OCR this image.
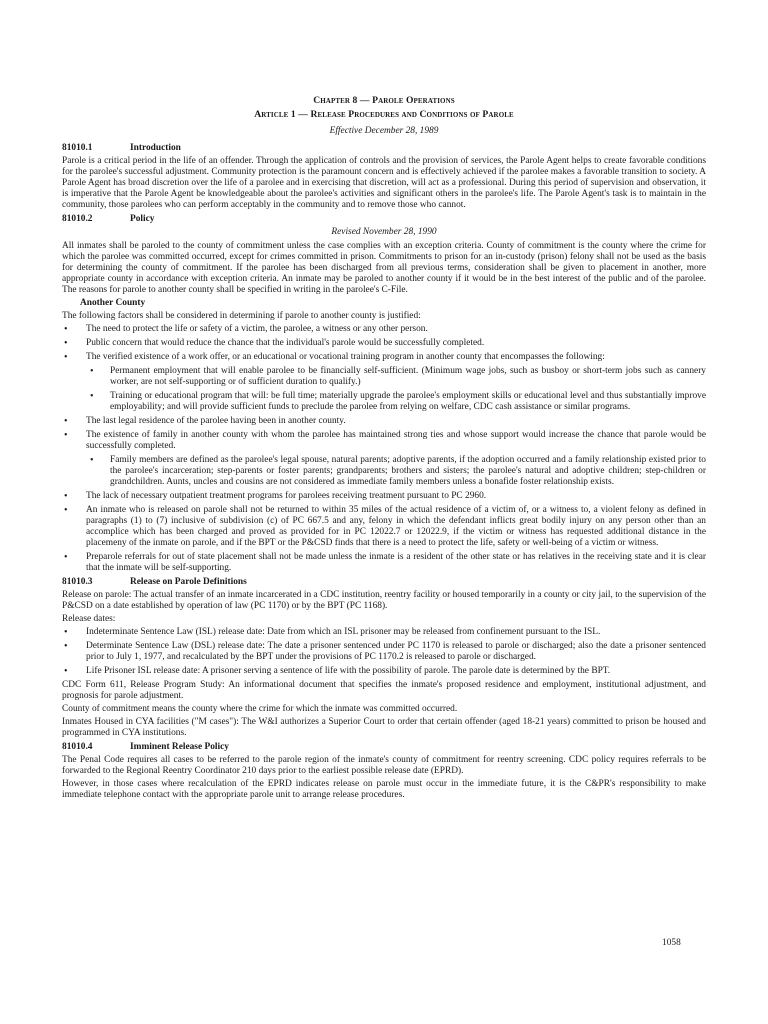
Chapter 8 — Parole Operations
Article 1 — Release Procedures and Conditions of Parole
Effective December 28, 1989
81010.1	Introduction

Parole is a critical period in the life of an offender. Through the application of controls and the provision of services, the Parole Agent helps to create favorable conditions for the parolee's successful adjustment. Community protection is the paramount concern and is effectively achieved if the parolee makes a favorable transition to society. A Parole Agent has broad discretion over the life of a parolee and in exercising that discretion, will act as a professional. During this period of supervision and observation, it is imperative that the Parole Agent be knowledgeable about the parolee's activities and significant others in the parolee's life. The Parole Agent's task is to maintain in the community, those parolees who can perform acceptably in the community and to remove those who cannot.

81010.2	Policy
Revised November 28, 1990

All inmates shall be paroled to the county of commitment unless the case complies with an exception criteria. County of commitment is the county where the crime for which the parolee was committed occurred, except for crimes committed in prison. Commitments to prison for an in-custody (prison) felony shall not be used as the basis for determining the county of commitment. If the parolee has been discharged from all previous terms, consideration shall be given to placement in another, more appropriate county in accordance with exception criteria. An inmate may be paroled to another county if it would be in the best interest of the public and of the parolee. The reasons for parole to another county shall be specified in writing in the parolee's C-File.

Another County

The following factors shall be considered in determining if parole to another county is justified:

• The need to protect the life or safety of a victim, the parolee, a witness or any other person.
• Public concern that would reduce the chance that the individual's parole would be successfully completed.
• The verified existence of a work offer, or an educational or vocational training program in another county that encompasses the following:
• Permanent employment that will enable parolee to be financially self-sufficient. (Minimum wage jobs, such as busboy or short-term jobs such as cannery worker, are not self-supporting or of sufficient duration to qualify.)
• Training or educational program that will: be full time; materially upgrade the parolee's employment skills or educational level and thus substantially improve employability; and will provide sufficient funds to preclude the parolee from relying on welfare, CDC cash assistance or similar programs.
• The last legal residence of the parolee having been in another county.
• The existence of family in another county with whom the parolee has maintained strong ties and whose support would increase the chance that parole would be successfully completed.
• Family members are defined as the parolee's legal spouse, natural parents; adoptive parents, if the adoption occurred and a family relationship existed prior to the parolee's incarceration; step-parents or foster parents; grandparents; brothers and sisters; the parolee's natural and adoptive children; step-children or grandchildren. Aunts, uncles and cousins are not considered as immediate family members unless a bonafide foster relationship exists.
• The lack of necessary outpatient treatment programs for parolees receiving treatment pursuant to PC 2960.
• An inmate who is released on parole shall not be returned to within 35 miles of the actual residence of a victim of, or a witness to, a violent felony as defined in paragraphs (1) to (7) inclusive of subdivision (c) of PC 667.5 and any, felony in which the defendant inflicts great bodily injury on any person other than an accomplice which has been charged and proved as provided for in PC 12022.7 or 12022.9, if the victim or witness has requested additional distance in the placemeny of the inmate on parole, and if the BPT or the P&CSD finds that there is a need to protect the life, safety or well-being of a victim or witness.
• Preparole referrals for out of state placement shall not be made unless the inmate is a resident of the other state or has relatives in the receiving state and it is clear that the inmate will be self-supporting.
81010.3	Release on Parole Definitions

Release on parole: The actual transfer of an inmate incarcerated in a CDC institution, reentry facility or housed temporarily in a county or city jail, to the supervision of the P&CSD on a date established by operation of law (PC 1170) or by the BPT (PC 1168).

Release dates:

• Indeterminate Sentence Law (ISL) release date: Date from which an ISL prisoner may be released from confinement pursuant to the ISL.
• Determinate Sentence Law (DSL) release date: The date a prisoner sentenced under PC 1170 is released to parole or discharged; also the date a prisoner sentenced prior to July 1, 1977, and recalculated by the BPT under the provisions of PC 1170.2 is released to parole or discharged.
• Life Prisoner ISL release date: A prisoner serving a sentence of life with the possibility of parole. The parole date is determined by the BPT.

CDC Form 611, Release Program Study: An informational document that specifies the inmate's proposed residence and employment, institutional adjustment, and prognosis for parole adjustment.

County of commitment means the county where the crime for which the inmate was committed occurred.

Inmates Housed in CYA facilities ("M cases"): The W&I authorizes a Superior Court to order that certain offender (aged 18-21 years) committed to prison be housed and programmed in CYA institutions.

81010.4	Imminent Release Policy

The Penal Code requires all cases to be referred to the parole region of the inmate's county of commitment for reentry screening. CDC policy requires referrals to be forwarded to the Regional Reentry Coordinator 210 days prior to the earliest possible release date (EPRD).

However, in those cases where recalculation of the EPRD indicates release on parole must occur in the immediate future, it is the C&PR's responsibility to make immediate telephone contact with the appropriate parole unit to arrange release procedures.

1058
